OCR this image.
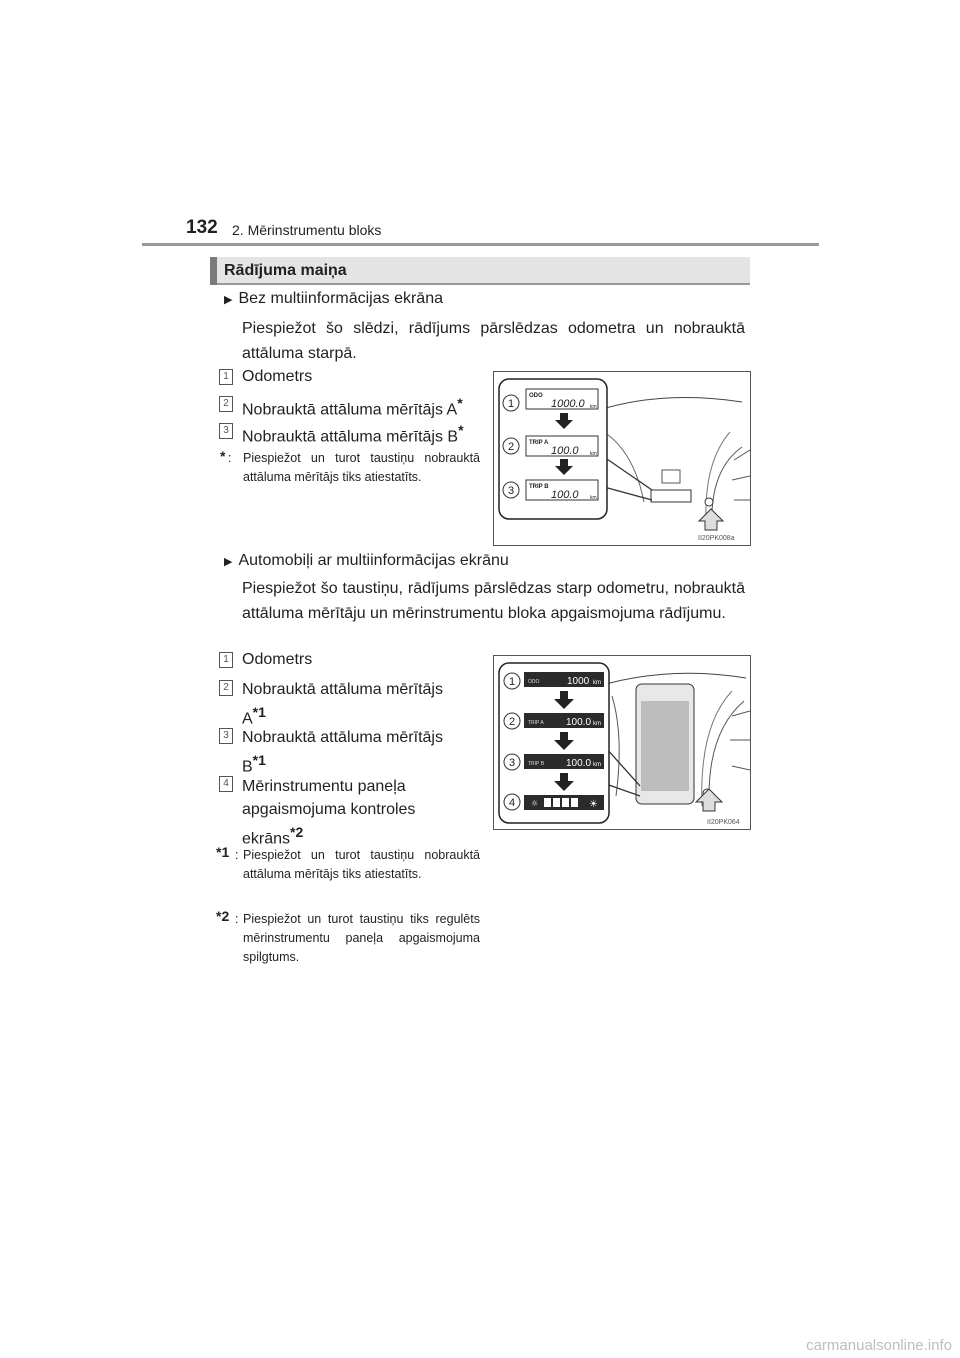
132 2. Mērinstrumentu bloks
Rādījuma maiņa
▶ Bez multiinformācijas ekrāna
Piespiežot šo slēdzi, rādījums pārslēdzas odometra un nobrauktā attāluma starpā.
1 Odometrs
2 Nobrauktā attāluma mērītājs A*
3 Nobrauktā attāluma mērītājs B*
* : Piespiežot un turot taustiņu nobrauktā attāluma mērītājs tiks atiestatīts.
ODO
1000.0 km
TRIP A
100.0 km
TRIP B
100.0 km
1
2
3
II20PK008a
▶ Automobiļi ar multiinformācijas ekrānu
Piespiežot šo taustiņu, rādījums pārslēdzas starp odometru, nobrauktā attāluma mērītāju un mērinstrumentu bloka apgaismojuma rādījumu.
1 Odometrs
2 Nobrauktā attāluma mērītājs
$A^{*1}$
3 Nobrauktā attāluma mērītājs
$B^{*1}$
4 Mērinstrumentu paneļa
apgaismojuma kontroles
ekrāns$^{*2}$
*1 : Piespiežot un turot taustiņu nobrauktā attāluma mērītājs tiks atiestatīts.
*2 : Piespiežot un turot taustiņu tiks regulēts mērinstrumentu paneļa apgaismojuma spilgtums.
ODO	1000 km
TRIP A 100.0 km
TRIP B 100.0 km
☼	☀
1
2
3
4
II20PK064
carmanualsonline.info
